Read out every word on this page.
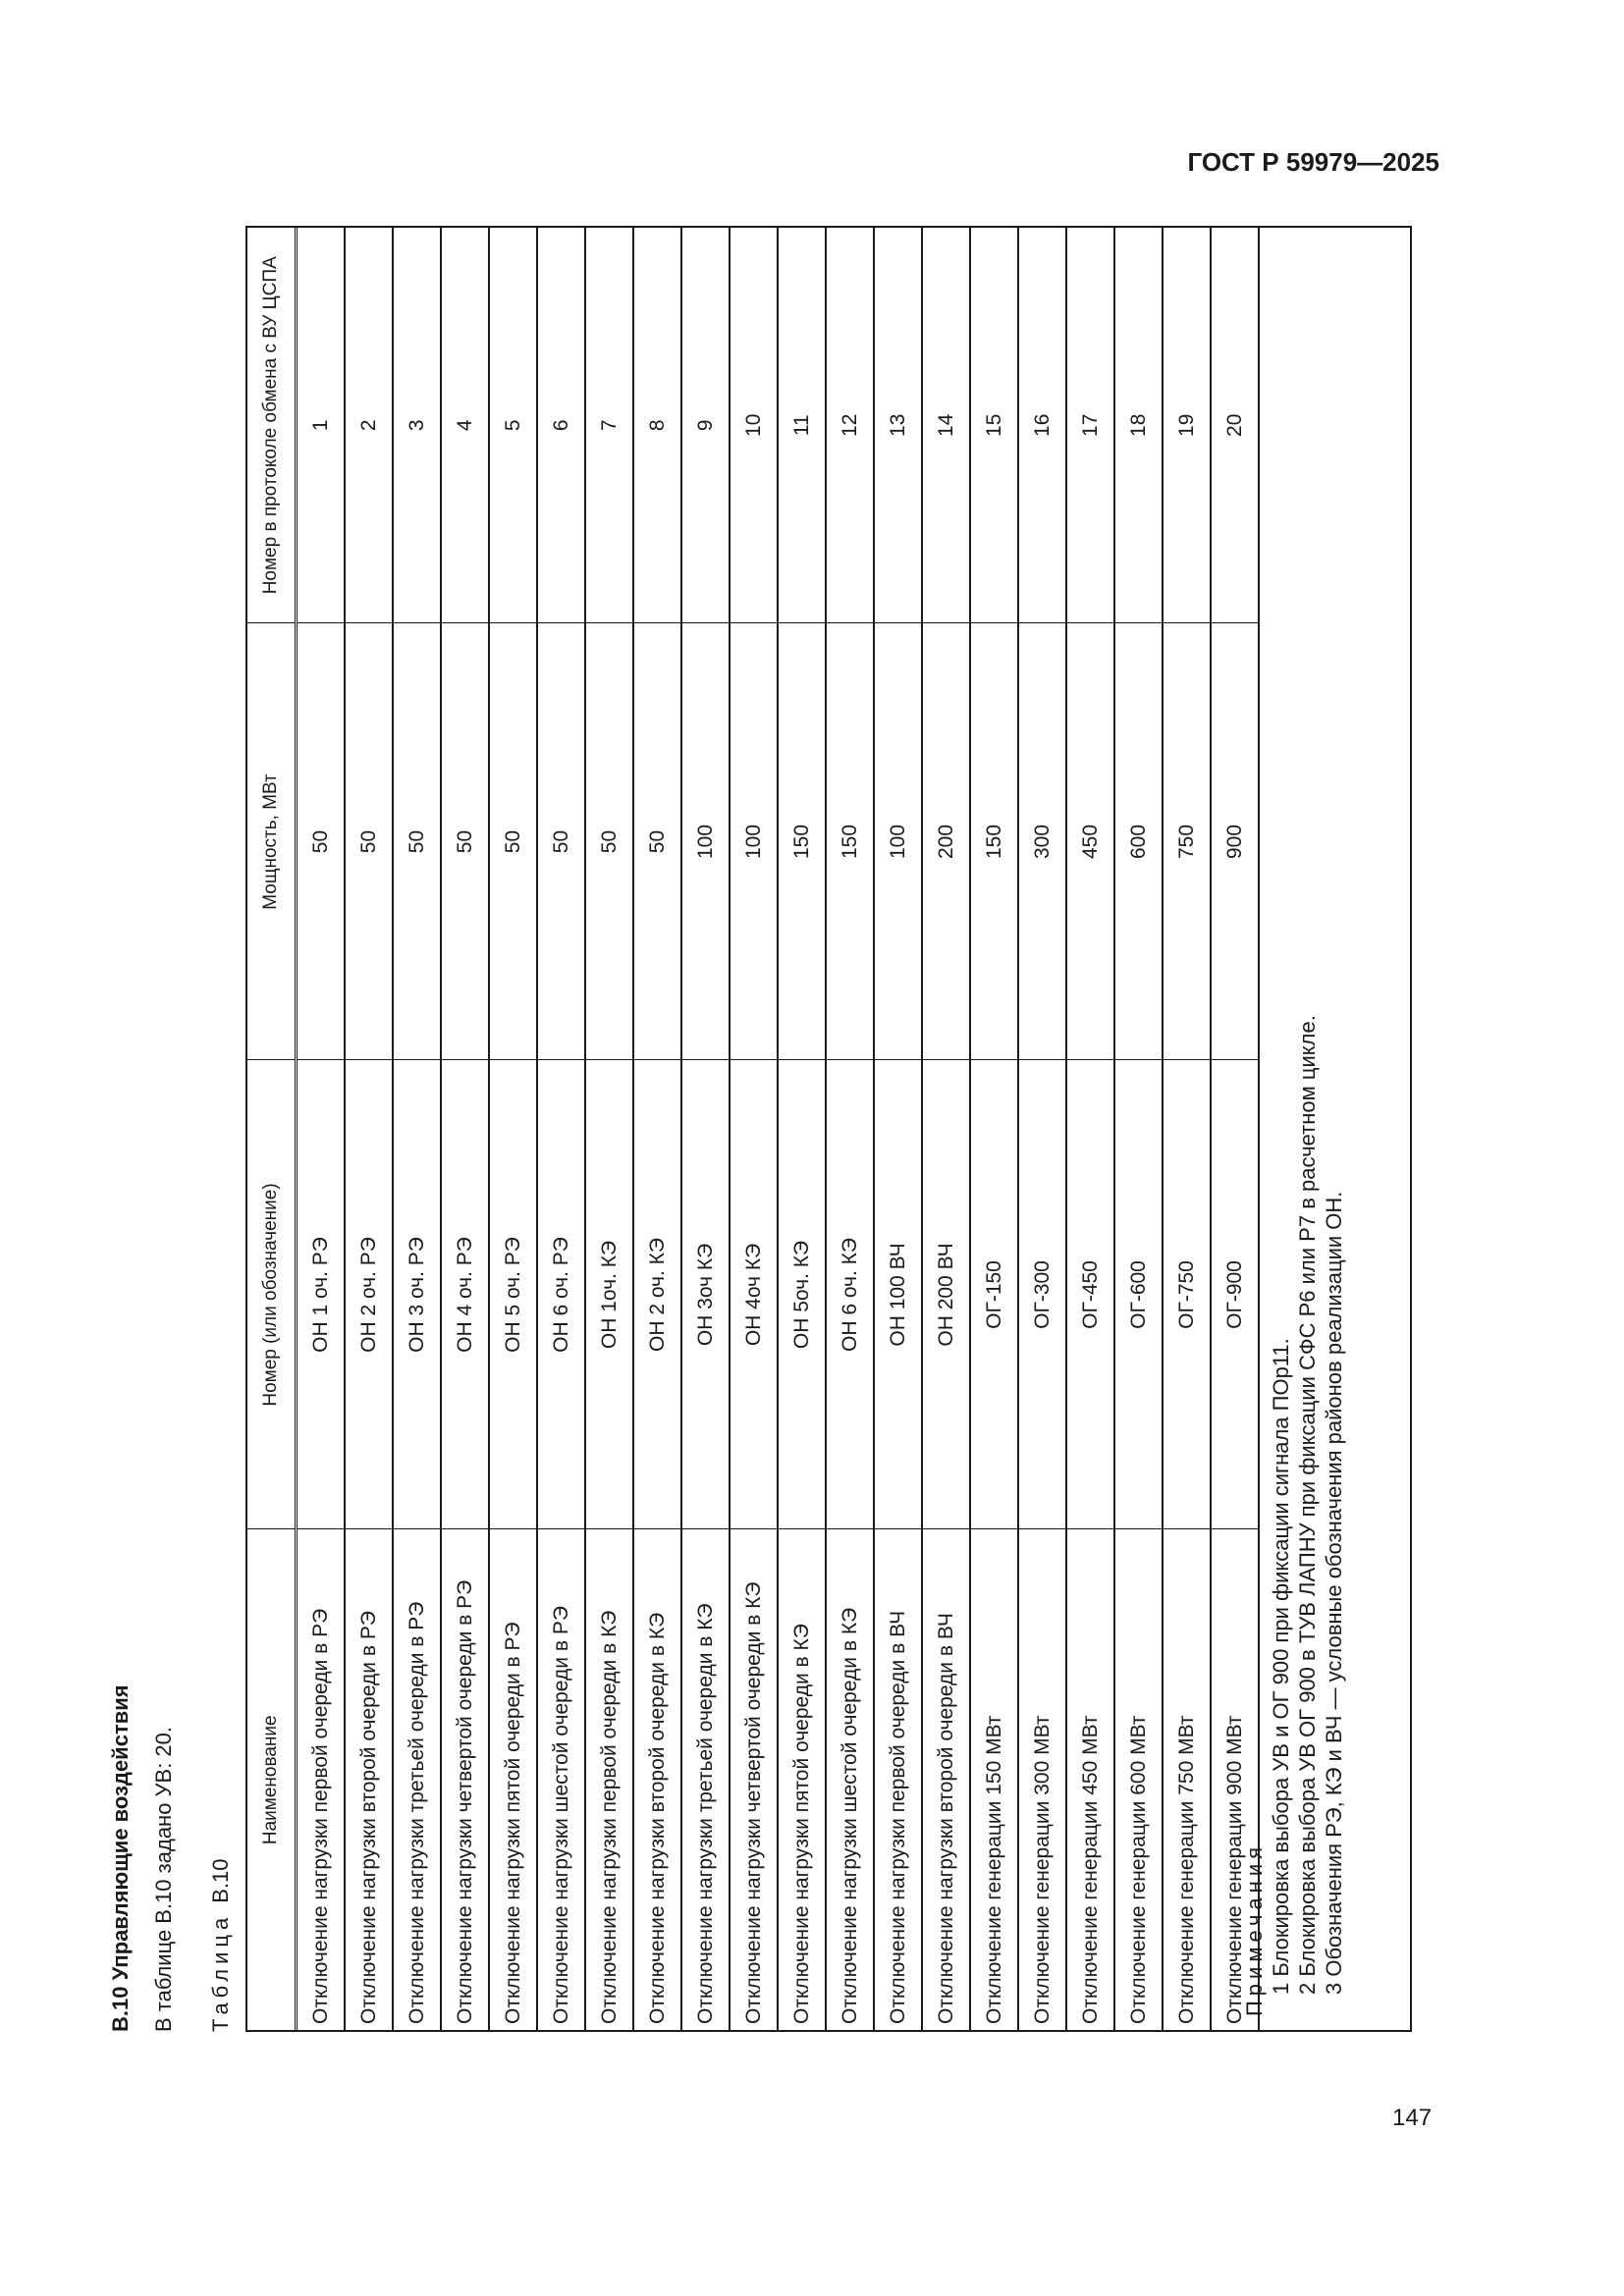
ГОСТ Р 59979—2025
147
В.10 Управляющие воздействия В таблице В.10 задано УВ: 20. ТаблицаВ.10
Наименование	Номер (или обозначение)	Мощность, МВт	Номер в протоколе обмена с ВУ ЦСПА
Отключение нагрузки первой очереди в РЭ	ОН 1 оч. РЭ	50	1
Отключение нагрузки второй очереди в РЭ	ОН 2 оч. РЭ	50	2
Отключение нагрузки третьей очереди в РЭ	ОН 3 оч. РЭ	50	3
Отключение нагрузки четвертой очереди в РЭ	ОН 4 оч. РЭ	50	4
Отключение нагрузки пятой очереди в РЭ	ОН 5 оч. РЭ	50	5
Отключение нагрузки шестой очереди в РЭ	ОН 6 оч. РЭ	50	6
Отключение нагрузки первой очереди в КЭ	ОН 1оч. КЭ	50	7
Отключение нагрузки второй очереди в КЭ	ОН 2 оч. КЭ	50	8
Отключение нагрузки третьей очереди в КЭ	ОН 3оч КЭ	100	9
Отключение нагрузки четвертой очереди в КЭ	ОН 4оч КЭ	100	10
Отключение нагрузки пятой очереди в КЭ	ОН 5оч. КЭ	150	11
Отключение нагрузки шестой очереди в КЭ	ОН 6 оч. КЭ	150	12
Отключение нагрузки первой очереди в ВЧ	ОН 100 ВЧ	100	13
Отключение нагрузки второй очереди в ВЧ	ОН 200 ВЧ	200	14
Отключение генерации 150 МВт	ОГ-150	150	15
Отключение генерации 300 МВт	ОГ-300	300	16
Отключение генерации 450 МВт	ОГ-450	450	17
Отключение генерации 600 МВт	ОГ-600	600	18
Отключение генерации 750 МВт	ОГ-750	750	19
Отключение генерации 900 МВт	ОГ-900	900	20
Примечания 1 Блокировка выбора УВ и ОГ 900 при фиксации сигнала ПОр11. 2 Блокировка выбора УВ ОГ 900 в ТУВ ЛАПНУ при фиксации СФС Р6 или Р7 в расчетном цикле. 3 Обозначения РЭ, КЭ и ВЧ — условные обозначения районов реализации ОН.
